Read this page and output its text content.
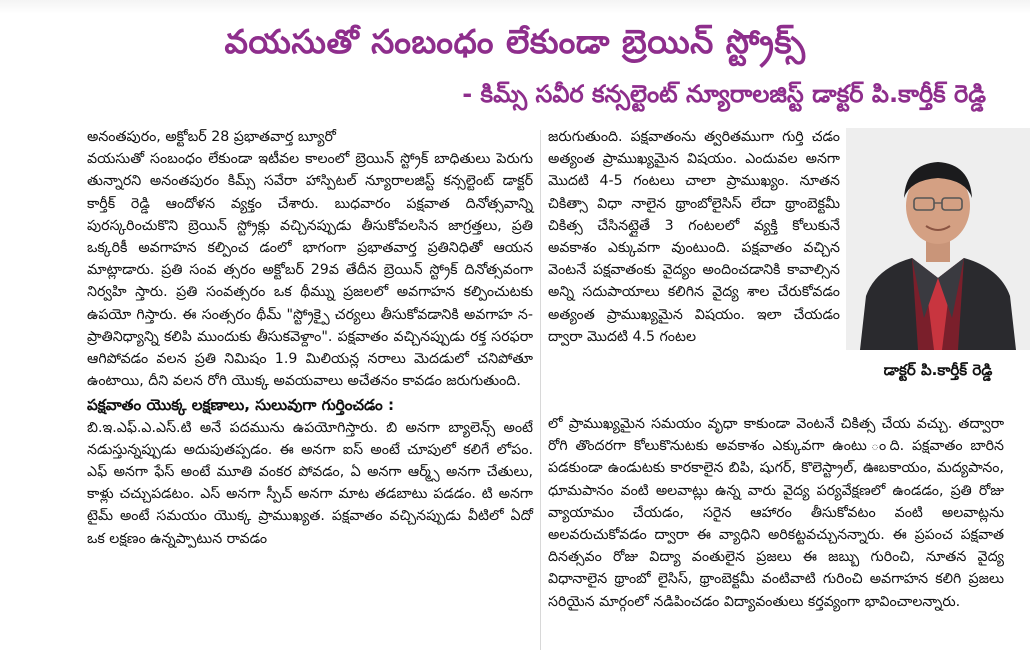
వయసుతో సంబంధం లేకుండా బ్రెయిన్ స్ట్రోక్స్
- కిమ్స్ సవీర కన్సల్టెంట్ న్యూరాలజిస్ట్ డాక్టర్ పి.కార్తీక్ రెడ్డి
అనంతపురం, అక్టోబర్ 28 ప్రభాతవార్త బ్యూరో

వయసుతో సంబంధం లేకుండా ఇటీవల కాలంలో బ్రెయిన్ స్ట్రోక్ బాధితులు పెరుగు తున్నారని అనంతపురం కిమ్స్ సవేరా హాస్పిటల్ న్యూరాలజిస్ట్ కన్సల్టెంట్ డాక్టర్ కార్తీక్ రెడ్డి ఆందోళన వ్యక్తం చేశారు. బుధవారం పక్షవాత దినోత్సవాన్ని పురస్కరించుకొని బ్రెయిన్ స్ట్రోక్లు వచ్చినప్పుడు తీసుకోవలసిన జాగ్రత్తలు, ప్రతి ఒక్కరికీ అవగాహన కల్పించ డంలో భాగంగా ప్రభాతవార్త ప్రతినిధితో ఆయన మాట్లాడారు. ప్రతి సంవ త్సరం అక్టోబర్ 29వ తేదీన బ్రెయిన్ స్ట్రోక్ దినోత్సవంగా నిర్వహి స్తారు. ప్రతి సంవత్సరం ఒక థీమ్ను ప్రజలలో అవగాహన కల్పించుటకు ఉపయో గిస్తారు. ఈ సంత్సరం థీమ్ "స్ట్రోక్పై చర్యలు తీసుకోవడానికి అవగాహ న-ప్రాతినిధ్యాన్ని కలిపి ముందుకు తీసుకవెళ్దాం". పక్షవాతం వచ్చినప్పుడు రక్త సరఫరా ఆగిపోవడం వలన ప్రతి నిమిషం 1.9 మిలియన్ల నరాలు మెదడులో చనిపోతూ ఉంటాయి, దీని వలన రోగి యొక్క అవయవాలు అచేతనం కావడం జరుగుతుంది.

పక్షవాతం యొక్క లక్షణాలు, సులువుగా గుర్తించడం :

బి.ఇ.ఎఫ్.ఎ.ఎస్.టి అనే పదమును ఉపయోగిస్తారు. బి అనగా బ్యాలెన్స్ అంటే నడుస్తున్నప్పుడు అదుపుతప్పడం. ఈ అనగా ఐస్ అంటే చూపులో కలిగే లోపం. ఎఫ్ అనగా ఫేస్ అంటే మూతి వంకర పోవడం, ఏ అనగా ఆర్మ్స్ అనగా చేతులు, కాళ్లు చచ్చుపడటం. ఎస్ అనగా స్పీచ్ అనగా మాట తడబాటు పడడం. టి అనగా టైమ్ అంటే సమయం యొక్క ప్రాముఖ్యత. పక్షవాతం వచ్చినప్పుడు వీటిలో ఏదో ఒక లక్షణం ఉన్నప్పాటున రావడం

జరుగుతుంది. పక్షవాతంను త్వరితముగా గుర్తి చడం అత్యంత ప్రాముఖ్యమైన విషయం. ఎందువల అనగా మొదటి 4-5 గంటలు చాలా ప్రాముఖ్యం. నూతన చికిత్సా విధా నాలైన థ్రాంబోలైసిస్ లేదా థ్రాంబెక్టమీ చికిత్స చేసినట్లైతే 3 గంటలలో వ్యక్తి కోలుకునే అవకాశం ఎక్కువగా వుంటుంది. పక్షవాతం వచ్చిన వెంటనే పక్షవాతంకు వైద్యం అందించడానికి కావాల్సిన అన్ని సదుపాయాలు కలిగిన వైద్య శాల చేరుకోవడం అత్యంత ప్రాముఖ్యమైన విషయం. ఇలా చేయడం ద్వారా మొదటి 4.5 గంటల

లో ప్రాముఖ్యమైన సమయం వృధా కాకుండా వెంటనే చికిత్స చేయ వచ్చు. తద్వారా రోగి తొందరగా కోలుకొనుటకు అవకాశం ఎక్కువగా ఉంటు ంది. పక్షవాతం బారిన పడకుండా ఉండుటకు కారకాలైన బిపి, షుగర్, కొలెస్ట్రాల్, ఊబకాయం, మద్యపానం, ధూమపానం వంటి అలవాట్లు ఉన్న వారు వైద్య పర్యవేక్షణలో ఉండడం, ప్రతి రోజు వ్యాయామం చేయడం, సరైన ఆహారం తీసుకోవటం వంటి అలవాట్లను అలవరుచుకోవడం ద్వారా ఈ వ్యాధిని అరికట్టవచ్చునన్నారు. ఈ ప్రపంచ పక్షవాత దినత్సవం రోజు విద్యా వంతులైన ప్రజలు ఈ జబ్బు గురించి, నూతన వైద్య విధానాలైన థ్రాంబో లైసిస్, థ్రాంబెక్టమీ వంటివాటి గురించి అవగాహన కలిగి ప్రజలు సరియైన మార్గంలో నడిపించడం విద్యావంతులు కర్తవ్యంగా భావించాలన్నారు.

డాక్టర్ పి.కార్తీక్ రెడ్డి
